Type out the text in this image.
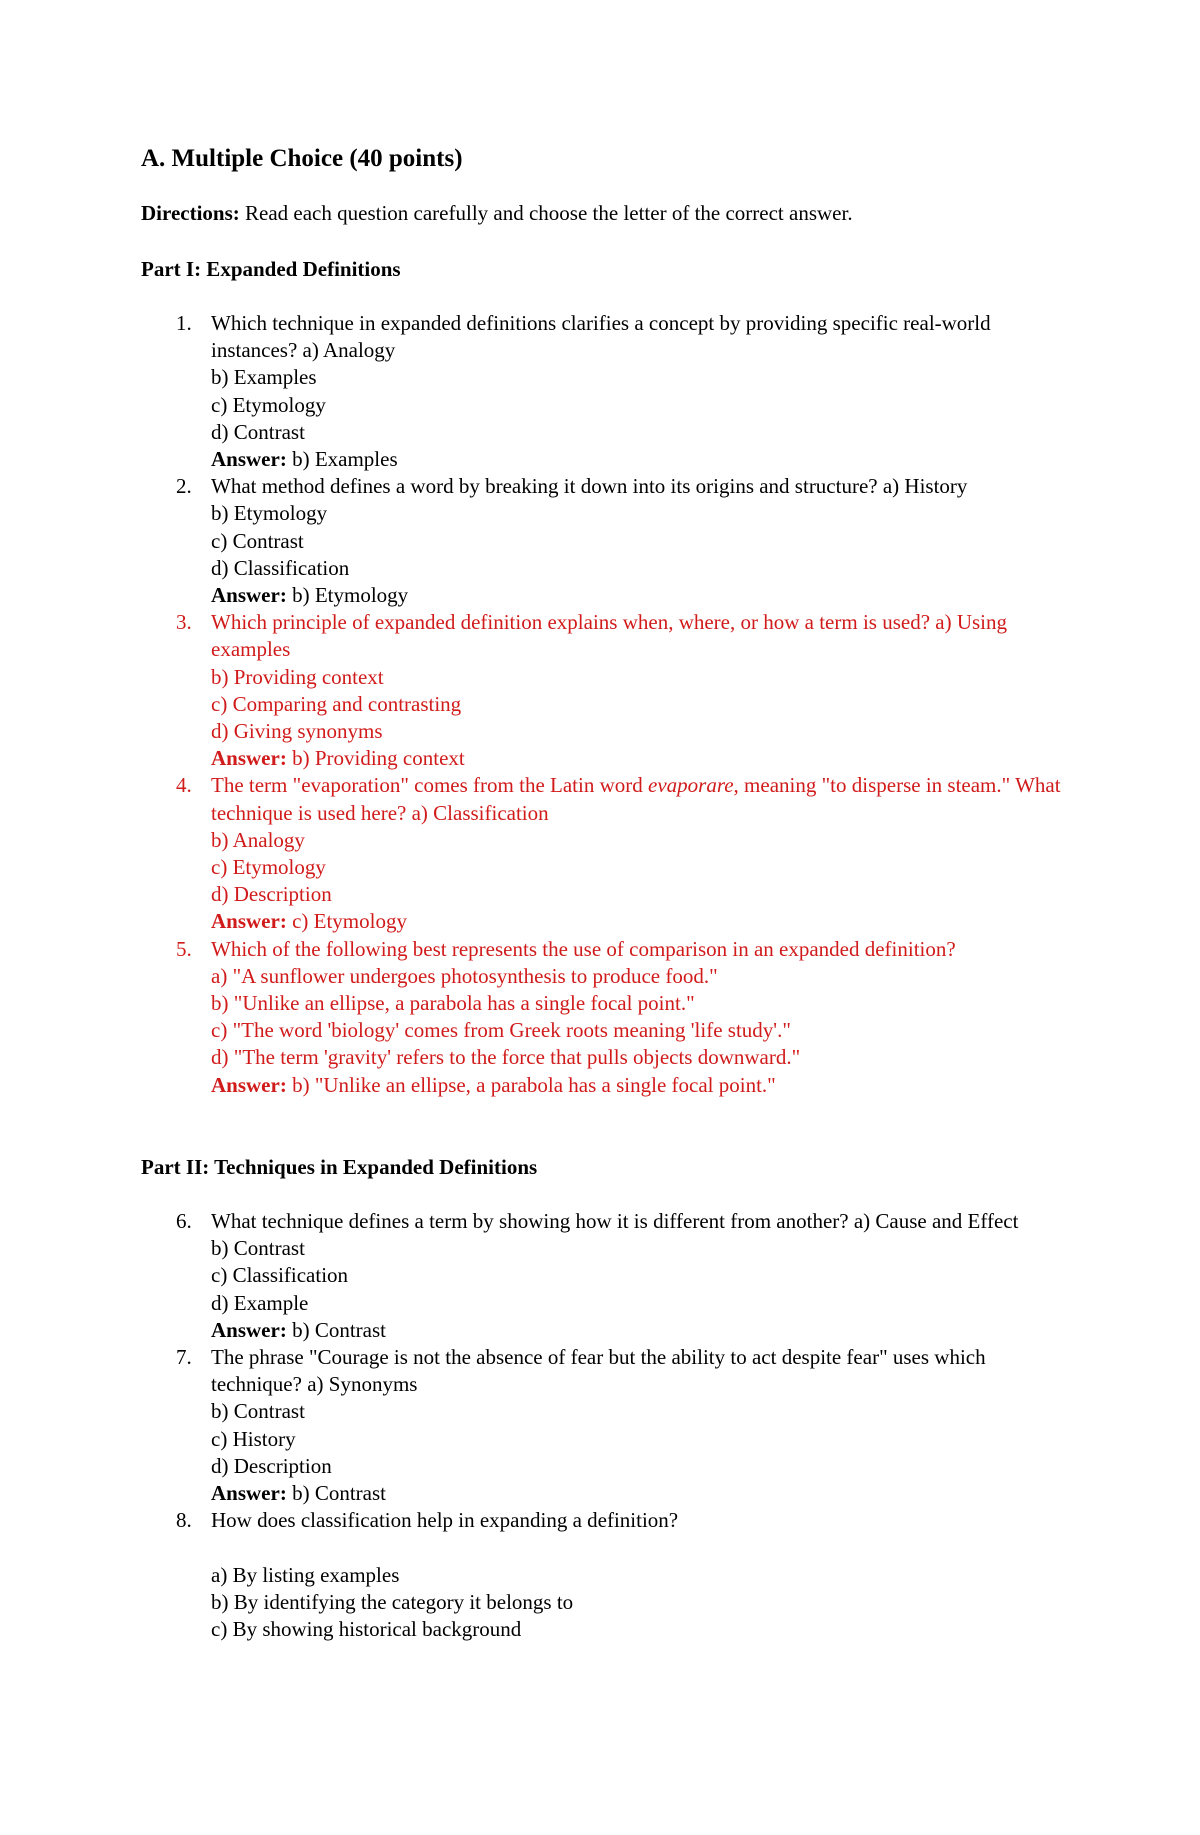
A. Multiple Choice (40 points)

Directions: Read each question carefully and choose the letter of the correct answer.

Part I: Expanded Definitions
1. Which technique in expanded definitions clarifies a concept by providing specific real-world instances? a) Analogy
b) Examples
c) Etymology
d) Contrast
Answer: b) Examples
2. What method defines a word by breaking it down into its origins and structure? a) History
b) Etymology
c) Contrast
d) Classification
Answer: b) Etymology
3. Which principle of expanded definition explains when, where, or how a term is used? a) Using examples
b) Providing context
c) Comparing and contrasting
d) Giving synonyms
Answer: b) Providing context
4. The term "evaporation" comes from the Latin word evaporare, meaning "to disperse in steam." What technique is used here? a) Classification
b) Analogy
c) Etymology
d) Description
Answer: c) Etymology
5. Which of the following best represents the use of comparison in an expanded definition?
a) "A sunflower undergoes photosynthesis to produce food."
b) "Unlike an ellipse, a parabola has a single focal point."
c) "The word 'biology' comes from Greek roots meaning 'life study'."
d) "The term 'gravity' refers to the force that pulls objects downward."
Answer: b) "Unlike an ellipse, a parabola has a single focal point."
Part II: Techniques in Expanded Definitions
6. What technique defines a term by showing how it is different from another? a) Cause and Effect
b) Contrast
c) Classification
d) Example
Answer: b) Contrast
7. The phrase "Courage is not the absence of fear but the ability to act despite fear" uses which technique? a) Synonyms
b) Contrast
c) History
d) Description
Answer: b) Contrast
8. How does classification help in expanding a definition?
a) By listing examples
b) By identifying the category it belongs to
c) By showing historical background
